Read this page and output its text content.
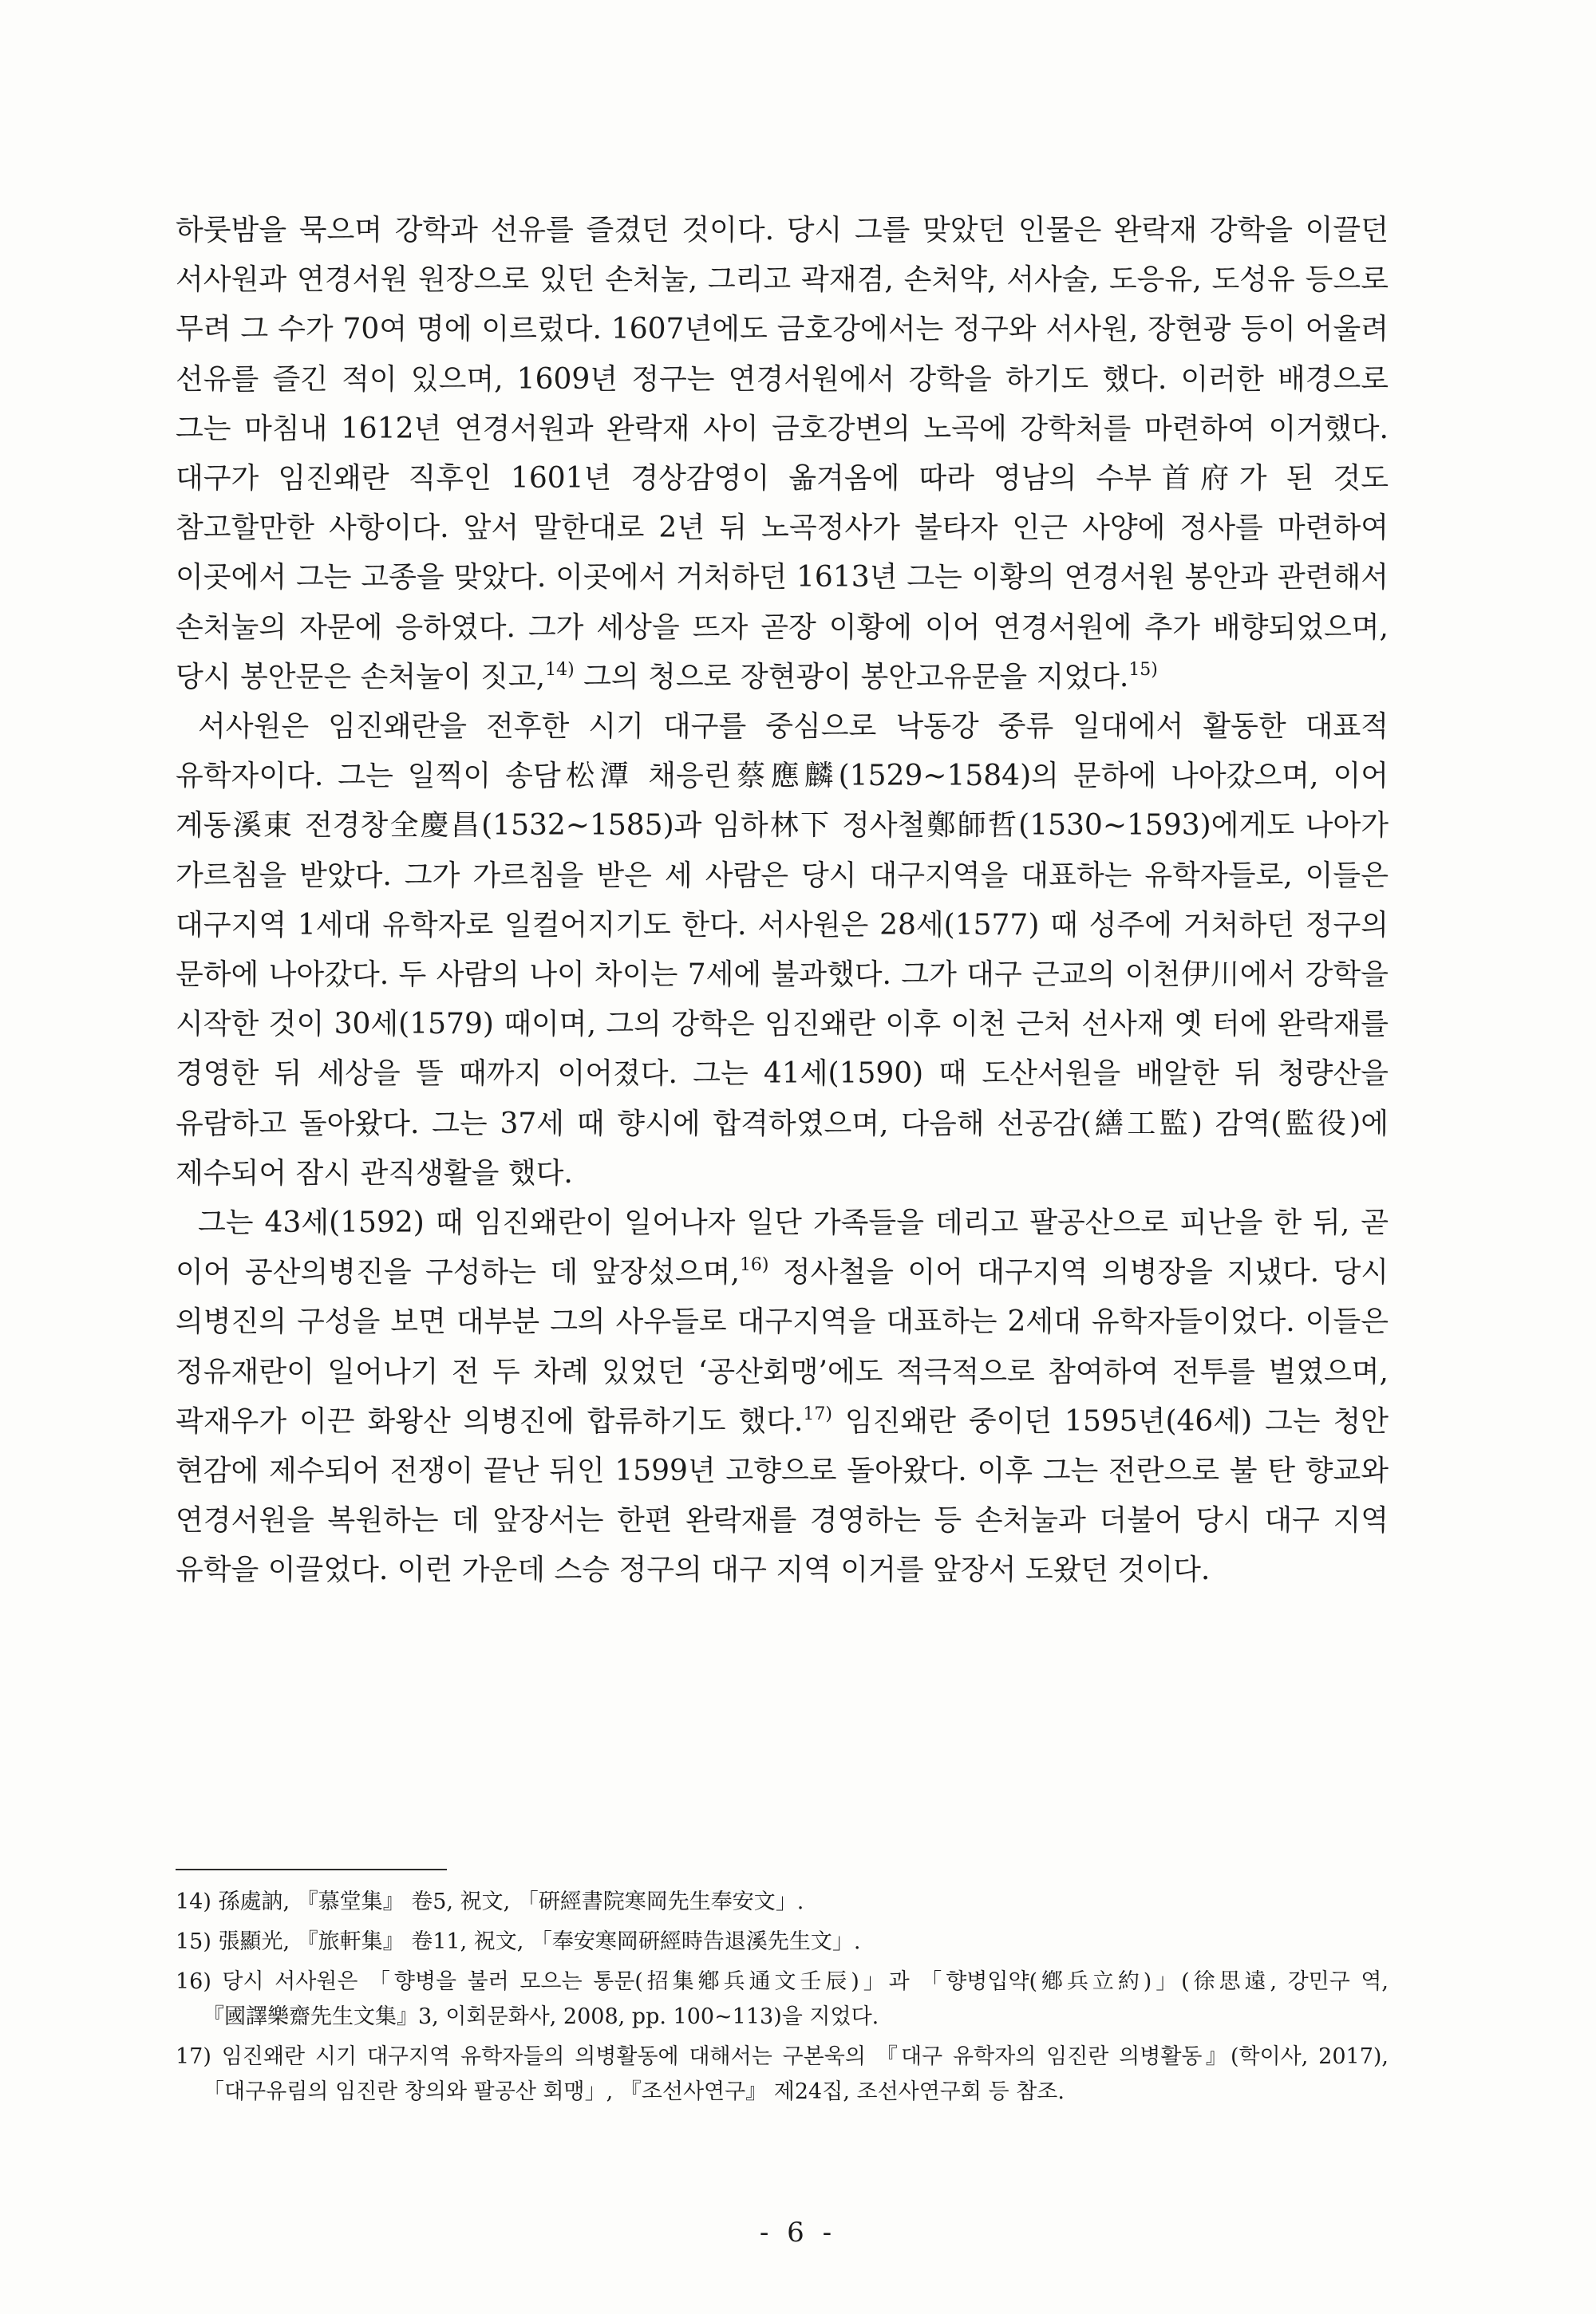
하룻밤을 묵으며 강학과 선유를 즐겼던 것이다. 당시 그를 맞았던 인물은 완락재 강학을 이끌던 서사원과 연경서원 원장으로 있던 손처눌, 그리고 곽재겸, 손처약, 서사술, 도응유, 도성유 등으로 무려 그 수가 70여 명에 이르렀다. 1607년에도 금호강에서는 정구와 서사원, 장현광 등이 어울려 선유를 즐긴 적이 있으며, 1609년 정구는 연경서원에서 강학을 하기도 했다. 이러한 배경으로 그는 마침내 1612년 연경서원과 완락재 사이 금호강변의 노곡에 강학처를 마련하여 이거했다. 대구가 임진왜란 직후인 1601년 경상감영이 옮겨옴에 따라 영남의 수부首府가 된 것도 참고할만한 사항이다. 앞서 말한대로 2년 뒤 노곡정사가 불타자 인근 사양에 정사를 마련하여 이곳에서 그는 고종을 맞았다. 이곳에서 거처하던 1613년 그는 이황의 연경서원 봉안과 관련해서 손처눌의 자문에 응하였다. 그가 세상을 뜨자 곧장 이황에 이어 연경서원에 추가 배향되었으며, 당시 봉안문은 손처눌이 짓고,$^{14)}$ 그의 청으로 장현광이 봉안고유문을 지었다.$^{15)}$

서사원은 임진왜란을 전후한 시기 대구를 중심으로 낙동강 중류 일대에서 활동한 대표적 유학자이다. 그는 일찍이 송담松潭 채응린蔡應麟(1529~1584)의 문하에 나아갔으며, 이어 계동溪東 전경창全慶昌(1532~1585)과 임하林下 정사철鄭師哲(1530~1593)에게도 나아가 가르침을 받았다. 그가 가르침을 받은 세 사람은 당시 대구지역을 대표하는 유학자들로, 이들은 대구지역 1세대 유학자로 일컬어지기도 한다. 서사원은 28세(1577) 때 성주에 거처하던 정구의 문하에 나아갔다. 두 사람의 나이 차이는 7세에 불과했다. 그가 대구 근교의 이천伊川에서 강학을 시작한 것이 30세(1579) 때이며, 그의 강학은 임진왜란 이후 이천 근처 선사재 옛 터에 완락재를 경영한 뒤 세상을 뜰 때까지 이어졌다. 그는 41세(1590) 때 도산서원을 배알한 뒤 청량산을 유람하고 돌아왔다. 그는 37세 때 향시에 합격하였으며, 다음해 선공감(繕工監) 감역(監役)에 제수되어 잠시 관직생활을 했다.

그는 43세(1592) 때 임진왜란이 일어나자 일단 가족들을 데리고 팔공산으로 피난을 한 뒤, 곧 이어 공산의병진을 구성하는 데 앞장섰으며,$^{16)}$ 정사철을 이어 대구지역 의병장을 지냈다. 당시 의병진의 구성을 보면 대부분 그의 사우들로 대구지역을 대표하는 2세대 유학자들이었다. 이들은 정유재란이 일어나기 전 두 차례 있었던 ‘공산회맹’에도 적극적으로 참여하여 전투를 벌였으며, 곽재우가 이끈 화왕산 의병진에 합류하기도 했다.$^{17)}$ 임진왜란 중이던 1595년(46세) 그는 청안 현감에 제수되어 전쟁이 끝난 뒤인 1599년 고향으로 돌아왔다. 이후 그는 전란으로 불 탄 향교와 연경서원을 복원하는 데 앞장서는 한편 완락재를 경영하는 등 손처눌과 더불어 당시 대구 지역 유학을 이끌었다. 이런 가운데 스승 정구의 대구 지역 이거를 앞장서 도왔던 것이다.

14) 孫處訥, 『慕堂集』 卷5, 祝文, 「硏經書院寒岡先生奉安文」.

15) 張顯光, 『旅軒集』 卷11, 祝文, 「奉安寒岡硏經時告退溪先生文」.

16) 당시 서사원은 「향병을 불러 모으는 통문(招集鄕兵通文壬辰)」과 「향병입약(鄕兵立約)」(徐思遠, 강민구 역, 『國譯樂齋先生文集』3, 이회문화사, 2008, pp. 100~113)을 지었다.

17) 임진왜란 시기 대구지역 유학자들의 의병활동에 대해서는 구본욱의 『대구 유학자의 임진란 의병활동』(학이사, 2017), 「대구유림의 임진란 창의와 팔공산 회맹」, 『조선사연구』 제24집, 조선사연구회 등 참조.

- 6 -
